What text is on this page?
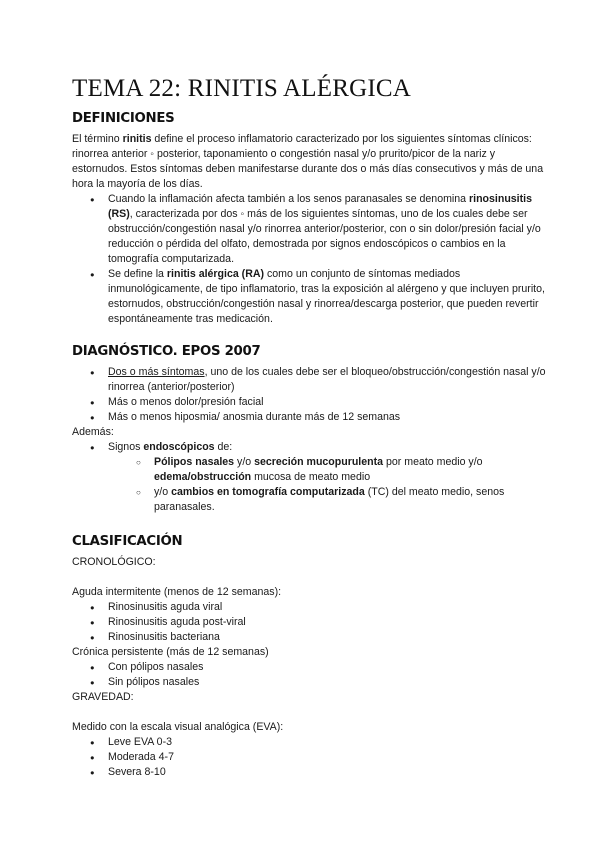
TEMA 22: RINITIS ALÉRGICA
DEFINICIONES

El término rinitis define el proceso inflamatorio caracterizado por los siguientes síntomas clínicos: rinorrea anterior ◦ posterior, taponamiento o congestión nasal y/o prurito/picor de la nariz y estornudos. Estos síntomas deben manifestarse durante dos o más días consecutivos y más de una hora la mayoría de los días.

● Cuando la inflamación afecta también a los senos paranasales se denomina rinosinusitis (RS), caracterizada por dos ◦ más de los siguientes síntomas, uno de los cuales debe ser obstrucción/congestión nasal y/o rinorrea anterior/posterior, con o sin dolor/presión facial y/o reducción o pérdida del olfato, demostrada por signos endoscópicos o cambios en la tomografía computarizada.
● Se define la rinitis alérgica (RA) como un conjunto de síntomas mediados inmunológicamente, de tipo inflamatorio, tras la exposición al alérgeno y que incluyen prurito, estornudos, obstrucción/congestión nasal y rinorrea/descarga posterior, que pueden revertir espontáneamente tras medicación.
DIAGNÓSTICO. EPOS 2007
● Dos o más síntomas, uno de los cuales debe ser el bloqueo/obstrucción/congestión nasal y/o rinorrea (anterior/posterior)
● Más o menos dolor/presión facial
● Más o menos hiposmia/ anosmia durante más de 12 semanas

Además:

● Signos endoscópicos de:
○ Pólipos nasales y/o secreción mucopurulenta por meato medio y/o edema/obstrucción mucosa de meato medio
○ y/o cambios en tomografía computarizada (TC) del meato medio, senos paranasales.
CLASIFICACIÓN

CRONOLÓGICO:

Aguda intermitente (menos de 12 semanas):

● Rinosinusitis aguda viral
● Rinosinusitis aguda post-viral
● Rinosinusitis bacteriana

Crónica persistente (más de 12 semanas)

● Con pólipos nasales
● Sin pólipos nasales

GRAVEDAD:

Medido con la escala visual analógica (EVA):

● Leve EVA 0-3
● Moderada 4-7
● Severa 8-10
